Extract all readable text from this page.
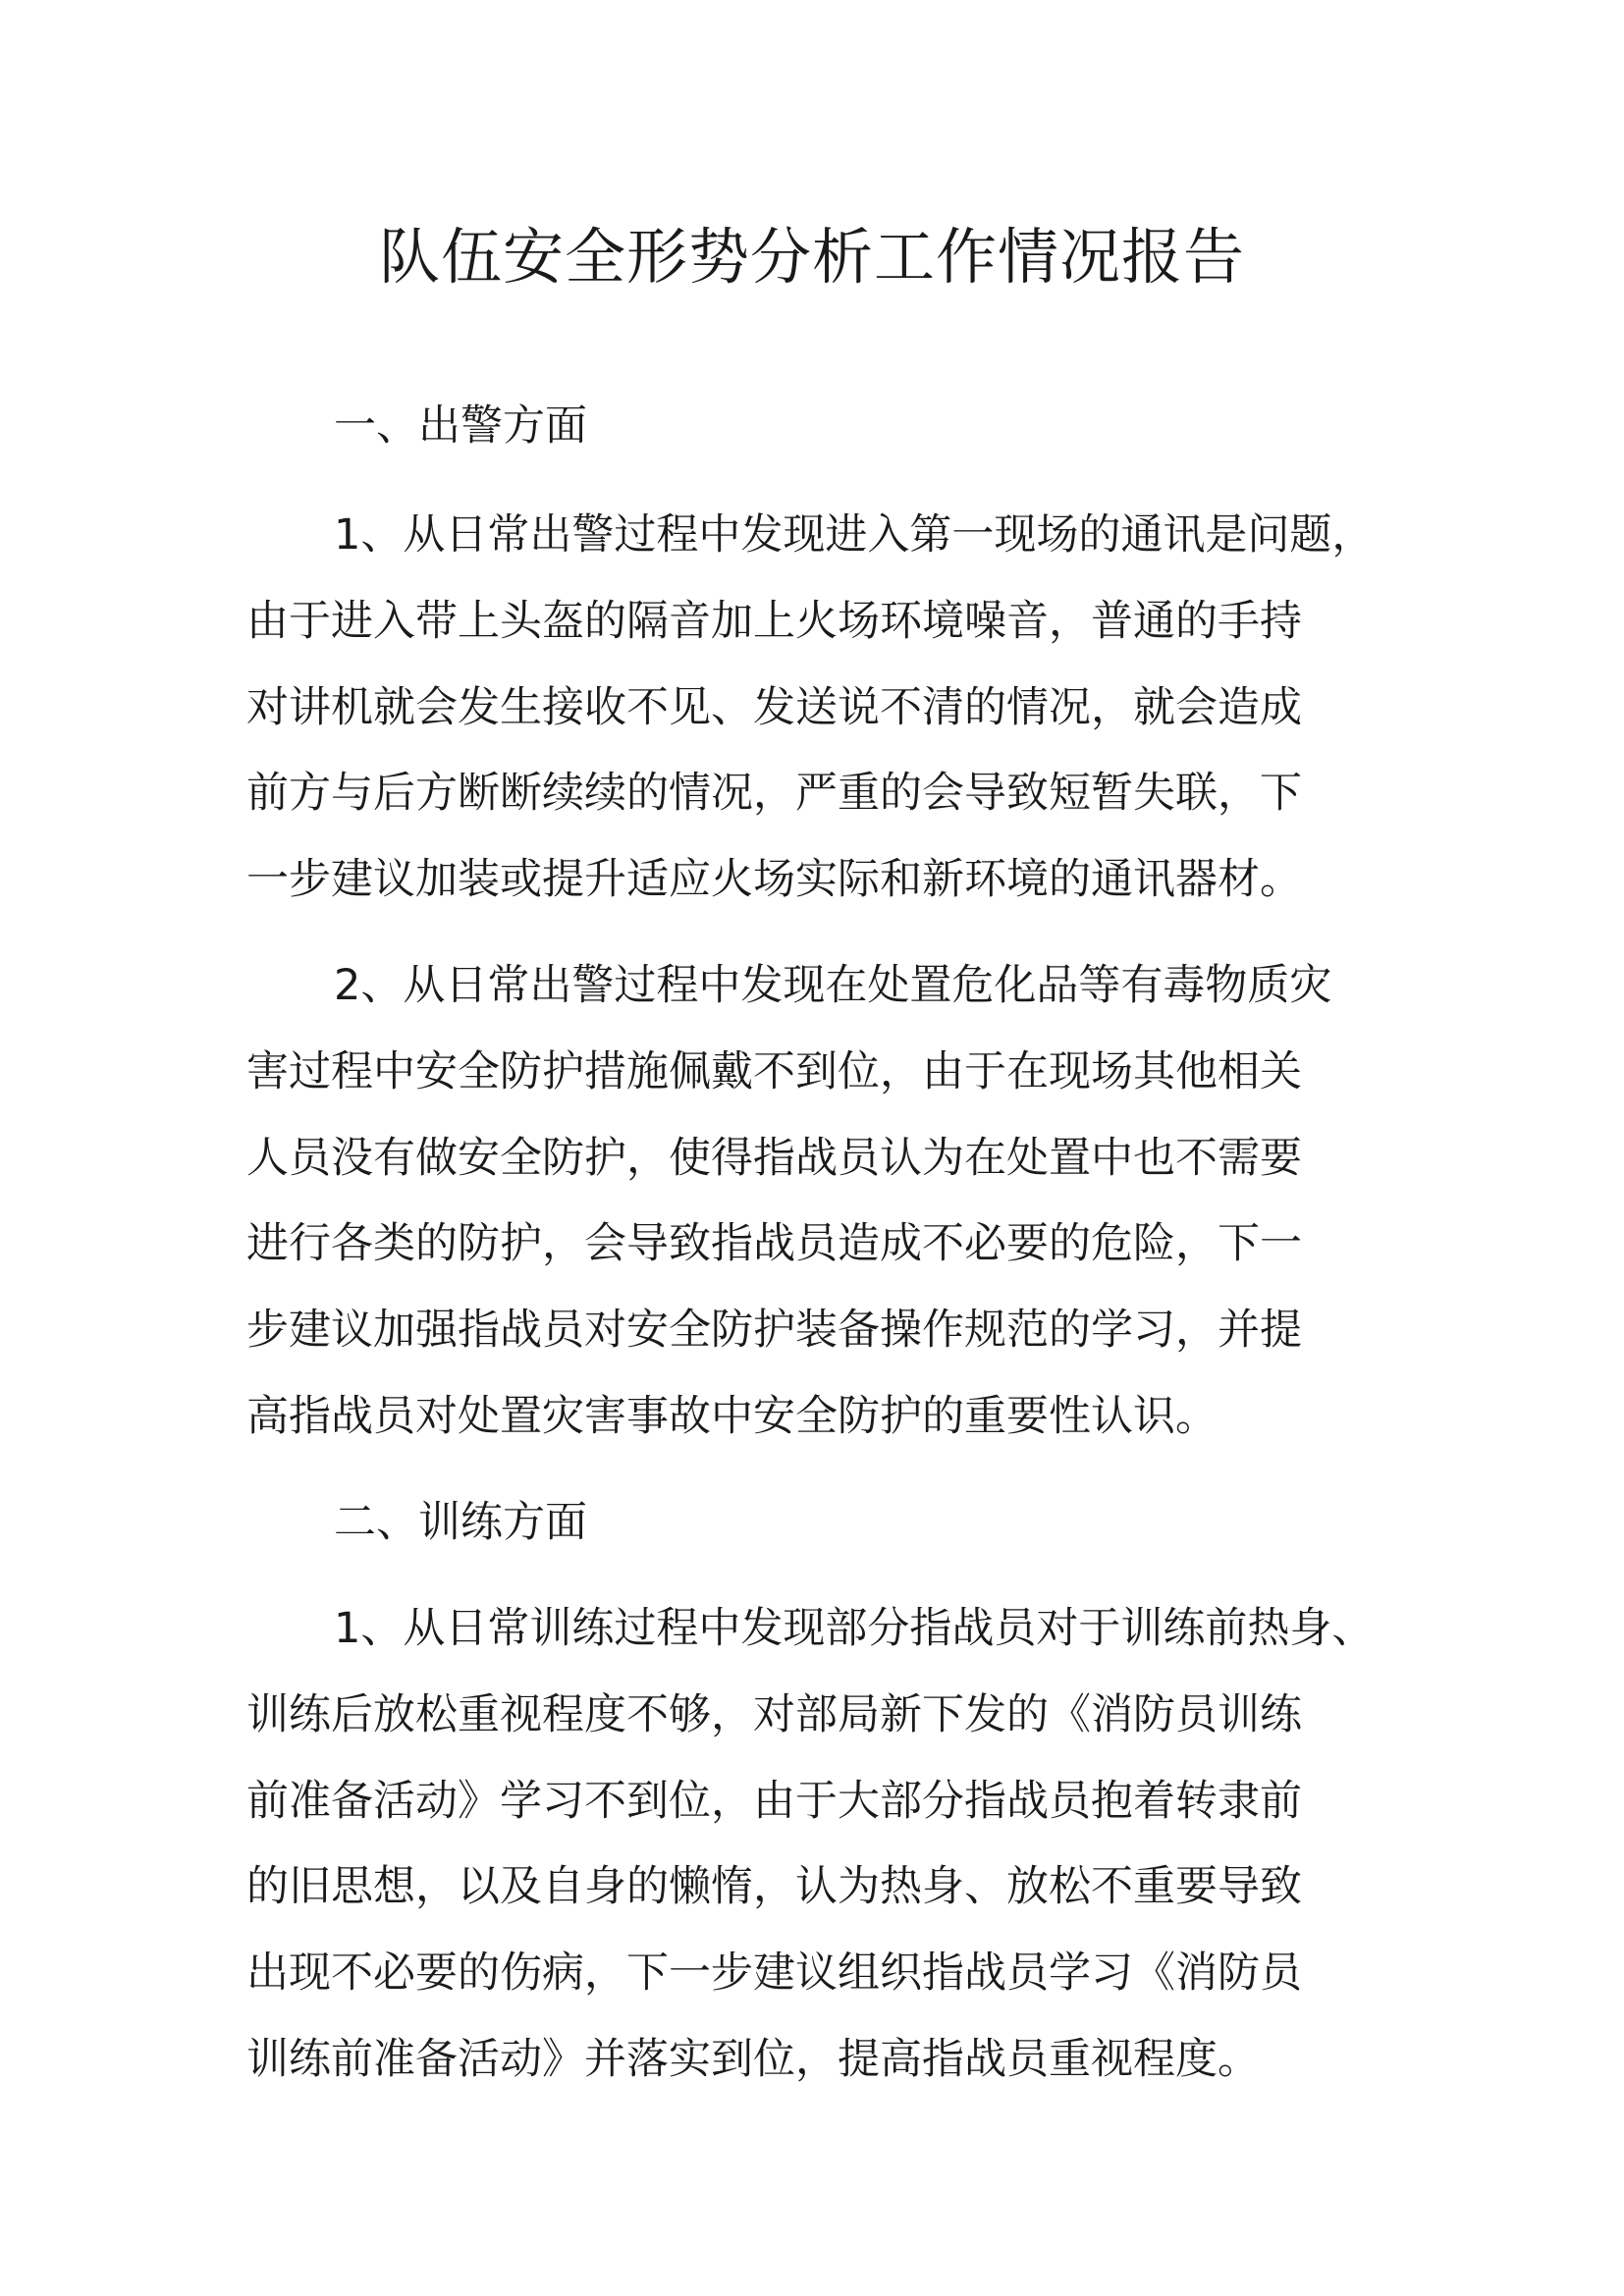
队伍安全形势分析工作情况报告

一、出警方面

1、从日常出警过程中发现进入第一现场的通讯是问题，

由于进入带上头盔的隔音加上火场环境噪音，普通的手持

对讲机就会发生接收不见、发送说不清的情况，就会造成

前方与后方断断续续的情况，严重的会导致短暂失联，下

一步建议加装或提升适应火场实际和新环境的通讯器材。

2、从日常出警过程中发现在处置危化品等有毒物质灾

害过程中安全防护措施佩戴不到位，由于在现场其他相关

人员没有做安全防护，使得指战员认为在处置中也不需要

进行各类的防护，会导致指战员造成不必要的危险，下一

步建议加强指战员对安全防护装备操作规范的学习，并提

高指战员对处置灾害事故中安全防护的重要性认识。

二、训练方面

1、从日常训练过程中发现部分指战员对于训练前热身、

训练后放松重视程度不够，对部局新下发的《消防员训练

前准备活动》学习不到位，由于大部分指战员抱着转隶前

的旧思想，以及自身的懒惰，认为热身、放松不重要导致

出现不必要的伤病，下一步建议组织指战员学习《消防员

训练前准备活动》并落实到位，提高指战员重视程度。
